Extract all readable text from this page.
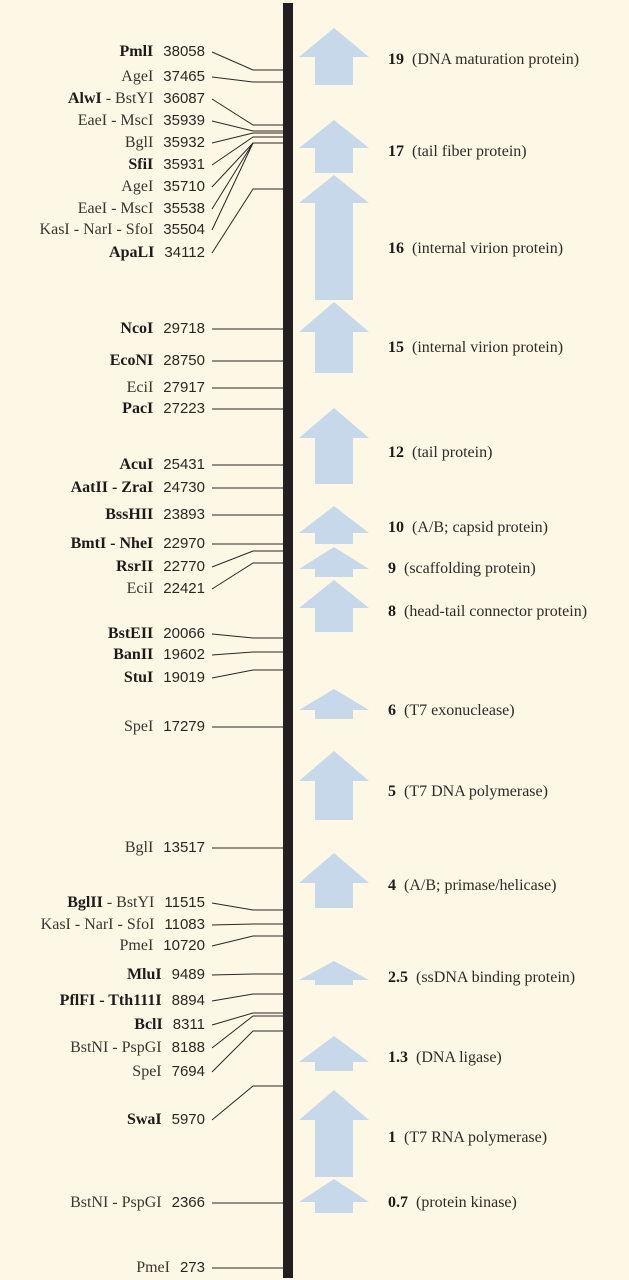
38058
PmlI
37465
AgeI
36087
AlwI - BstYI
35939
EaeI - MscI
35932
BglI
35931
SfiI
35710
AgeI
35538
EaeI - MscI
35504
KasI - NarI - SfoI
34112
ApaLI
29718
NcoI
28750
EcoNI
27917
EciI
27223
PacI
25431
AcuI
24730
AatII - ZraI
23893
BssHII
22970
BmtI - NheI
22770
RsrII
22421
EciI
20066
BstEII
19602
BanII
19019
StuI
17279
SpeI
13517
BglI
11515
BglII - BstYI
11083
KasI - NarI - SfoI
10720
PmeI
9489
MluI
8894
PflFI - Tth111I
8311
BclI
8188
BstNI - PspGI
7694
SpeI
5970
SwaI
2366
BstNI - PspGI
273
PmeI
19 (DNA maturation protein)
17 (tail fiber protein)
16 (internal virion protein)
15 (internal virion protein)
12 (tail protein)
10 (A/B; capsid protein)
9 (scaffolding protein)
8 (head-tail connector protein)
6 (T7 exonuclease)
5 (T7 DNA polymerase)
4 (A/B; primase/helicase)
2.5 (ssDNA binding protein)
1.3 (DNA ligase)
1 (T7 RNA polymerase)
0.7 (protein kinase)
